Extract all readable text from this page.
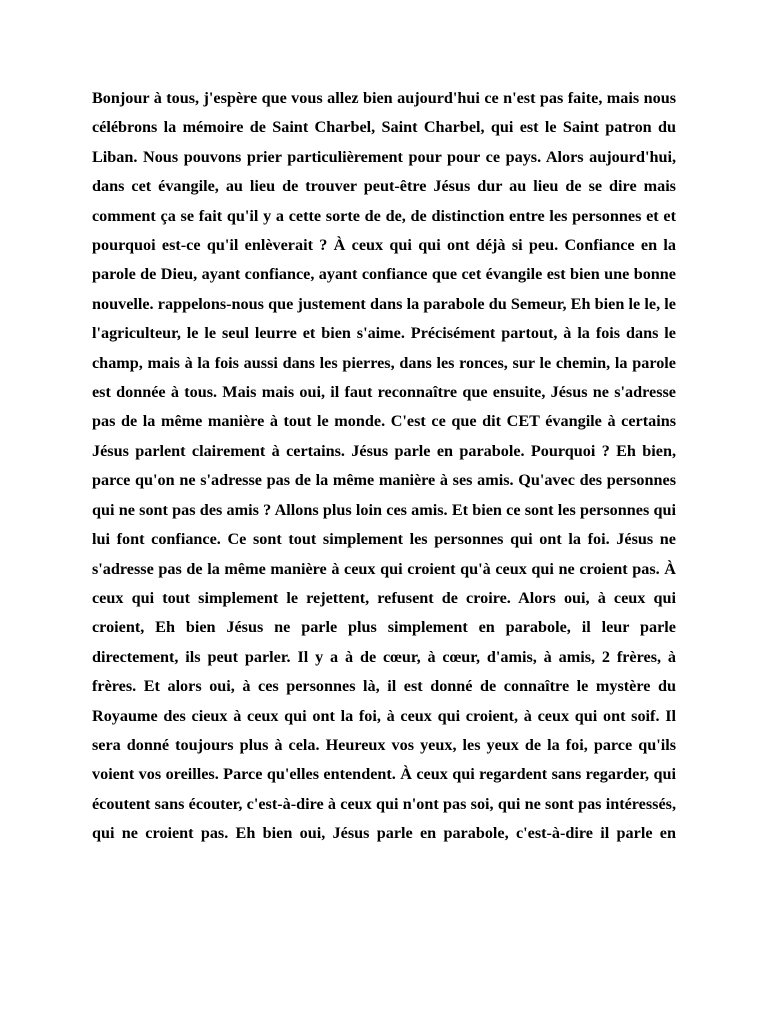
Bonjour à tous, j'espère que vous allez bien aujourd'hui ce n'est pas faite, mais nous célébrons la mémoire de Saint Charbel, Saint Charbel, qui est le Saint patron du Liban. Nous pouvons prier particulièrement pour pour ce pays. Alors aujourd'hui, dans cet évangile, au lieu de trouver peut-être Jésus dur au lieu de se dire mais comment ça se fait qu'il y a cette sorte de de, de distinction entre les personnes et et pourquoi est-ce qu'il enlèverait ? À ceux qui qui ont déjà si peu. Confiance en la parole de Dieu, ayant confiance, ayant confiance que cet évangile est bien une bonne nouvelle. rappelons-nous que justement dans la parabole du Semeur, Eh bien le le, le l'agriculteur, le le seul leurre et bien s'aime. Précisément partout, à la fois dans le champ, mais à la fois aussi dans les pierres, dans les ronces, sur le chemin, la parole est donnée à tous. Mais mais oui, il faut reconnaître que ensuite, Jésus ne s'adresse pas de la même manière à tout le monde. C'est ce que dit CET évangile à certains Jésus parlent clairement à certains. Jésus parle en parabole. Pourquoi ? Eh bien, parce qu'on ne s'adresse pas de la même manière à ses amis. Qu'avec des personnes qui ne sont pas des amis ? Allons plus loin ces amis. Et bien ce sont les personnes qui lui font confiance. Ce sont tout simplement les personnes qui ont la foi. Jésus ne s'adresse pas de la même manière à ceux qui croient qu'à ceux qui ne croient pas. À ceux qui tout simplement le rejettent, refusent de croire. Alors oui, à ceux qui croient, Eh bien Jésus ne parle plus simplement en parabole, il leur parle directement, ils peut parler. Il y a à de cœur, à cœur, d'amis, à amis, 2 frères, à frères. Et alors oui, à ces personnes là, il est donné de connaître le mystère du Royaume des cieux à ceux qui ont la foi, à ceux qui croient, à ceux qui ont soif. Il sera donné toujours plus à cela. Heureux vos yeux, les yeux de la foi, parce qu'ils voient vos oreilles. Parce qu'elles entendent. À ceux qui regardent sans regarder, qui écoutent sans écouter, c'est-à-dire à ceux qui n'ont pas soi, qui ne sont pas intéressés, qui ne croient pas. Eh bien oui, Jésus parle en parabole, c'est-à-dire il parle en
